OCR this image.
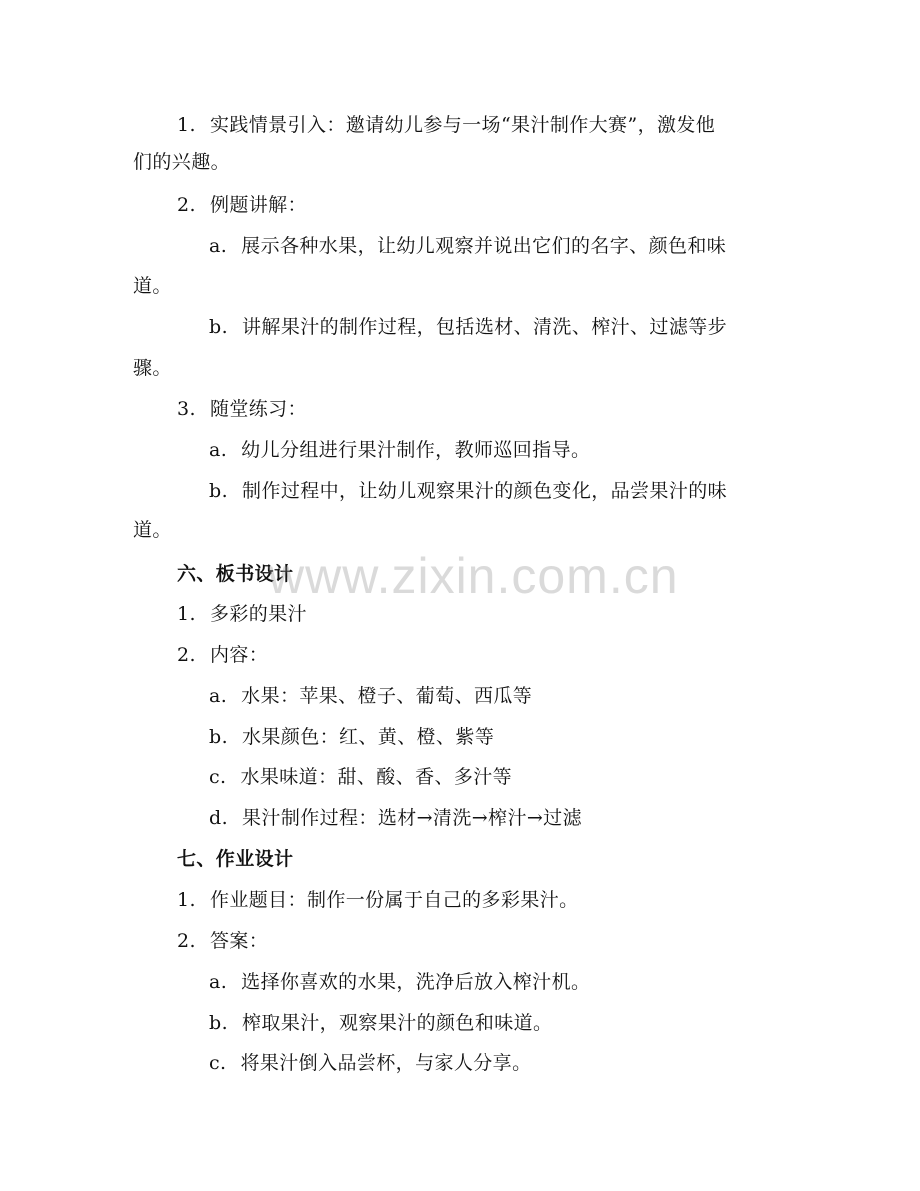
1. 实践情景引入：邀请幼儿参与一场“果汁制作大赛”，激发他
们的兴趣。
2. 例题讲解：
a. 展示各种水果，让幼儿观察并说出它们的名字、颜色和味
道。
b. 讲解果汁的制作过程，包括选材、清洗、榨汁、过滤等步
骤。
3. 随堂练习：
a. 幼儿分组进行果汁制作，教师巡回指导。
b. 制作过程中，让幼儿观察果汁的颜色变化，品尝果汁的味
道。
六、板书设计
1. 多彩的果汁
2. 内容：
a. 水果：苹果、橙子、葡萄、西瓜等
b. 水果颜色：红、黄、橙、紫等
c. 水果味道：甜、酸、香、多汁等
d. 果汁制作过程：选材→清洗→榨汁→过滤
七、作业设计
1. 作业题目：制作一份属于自己的多彩果汁。
2. 答案：
a. 选择你喜欢的水果，洗净后放入榨汁机。
b. 榨取果汁，观察果汁的颜色和味道。
c. 将果汁倒入品尝杯，与家人分享。
www.zixin.com.cn
